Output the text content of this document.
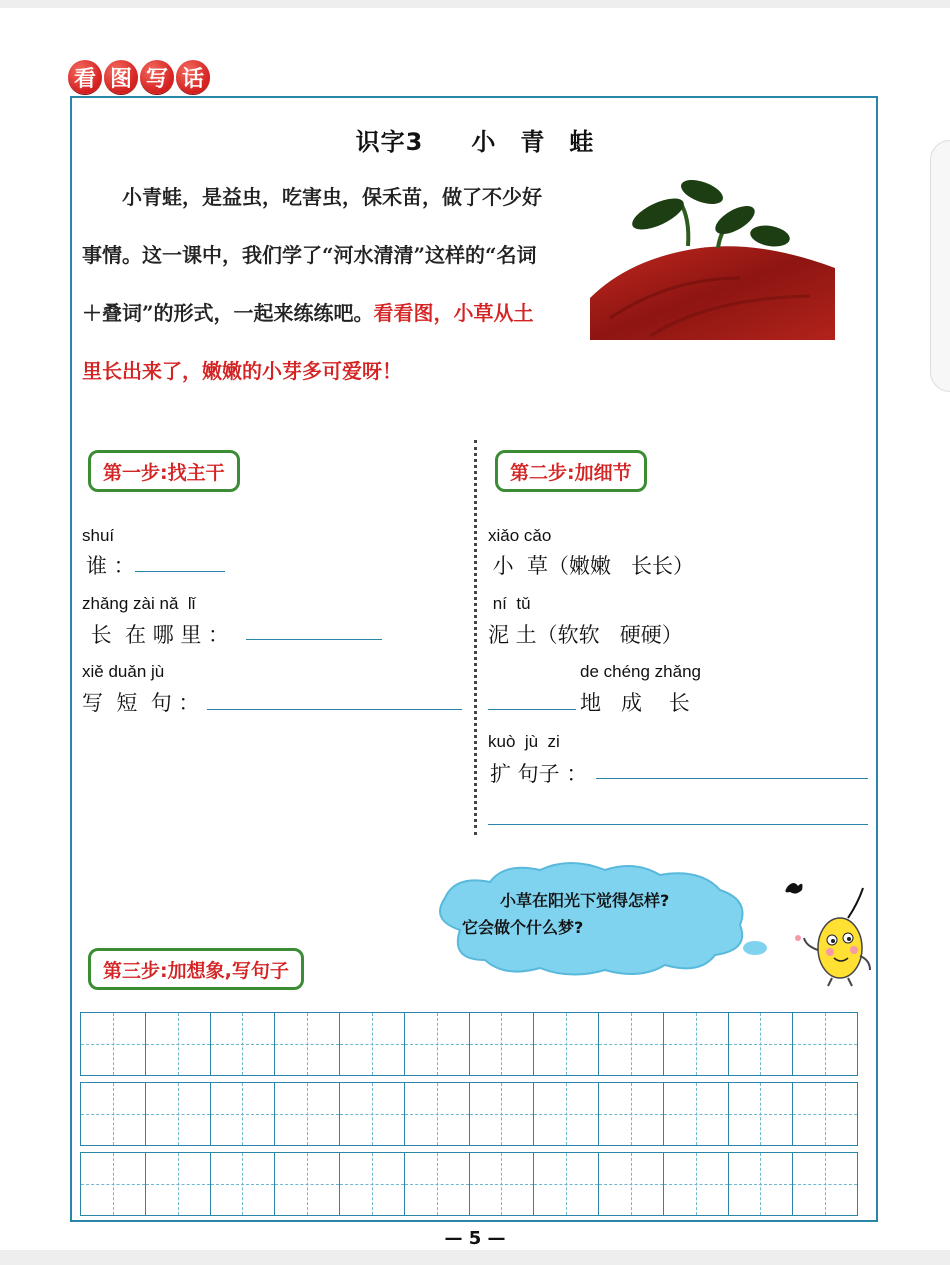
看 图 写 话
识字3 小 青 蛙
小青蛙，是益虫，吃害虫，保禾苗，做了不少好事情。这一课中，我们学了“河水清清”这样的“名词＋叠词”的形式，一起来练练吧。看看图，小草从土里长出来了，嫩嫩的小芽多可爱呀！
第一步:找主干
shuí
谁 ：
zhǎng zài nǎ  lǐ
长  在 哪 里 ：
xiě duǎn jù
写  短  句 ：
第二步:加细节
xiǎo cǎo
小  草（嫩嫩   长长）
ní  tǔ
泥 土（软软   硬硬）
de chéng zhǎng
地   成    长
kuò  jù  zi
扩 句子 ：
小草在阳光下觉得怎样?
它会做个什么梦?
第三步:加想象,写句子
— 5 —
